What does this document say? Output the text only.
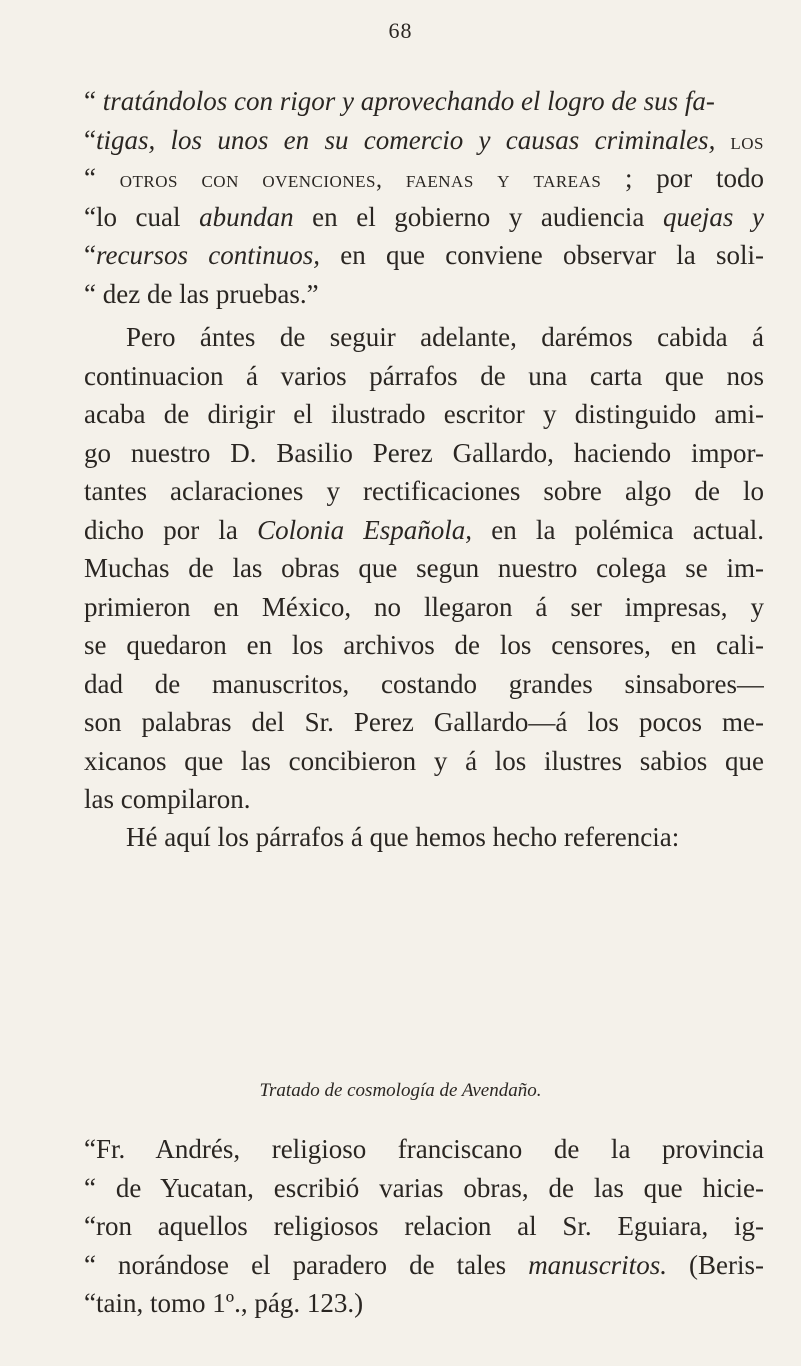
68
“ tratándolos con rigor y aprovechando el logro de sus fa-
“tigas, los unos en su comercio y causas criminales, los
“ otros con ovenciones, faenas y tareas ; por todo
“lo cual abundan en el gobierno y audiencia quejas y
“recursos continuos, en que conviene observar la soli-
“ dez de las pruebas.”
Pero ántes de seguir adelante, darémos cabida á
continuacion á varios párrafos de una carta que nos
acaba de dirigir el ilustrado escritor y distinguido ami-
go nuestro D. Basilio Perez Gallardo, haciendo impor-
tantes aclaraciones y rectificaciones sobre algo de lo
dicho por la Colonia Española, en la polémica actual.
Muchas de las obras que segun nuestro colega se im-
primieron en México, no llegaron á ser impresas, y
se quedaron en los archivos de los censores, en cali-
dad de manuscritos, costando grandes sinsabores—
son palabras del Sr. Perez Gallardo—á los pocos me-
xicanos que las concibieron y á los ilustres sabios que
las compilaron.
Hé aquí los párrafos á que hemos hecho referencia:
Tratado de cosmología de Avendaño.
“Fr. Andrés, religioso franciscano de la provincia
“ de Yucatan, escribió varias obras, de las que hicie-
“ron aquellos religiosos relacion al Sr. Eguiara, ig-
“ norándose el paradero de tales manuscritos. (Beris-
“tain, tomo 1º., pág. 123.)
